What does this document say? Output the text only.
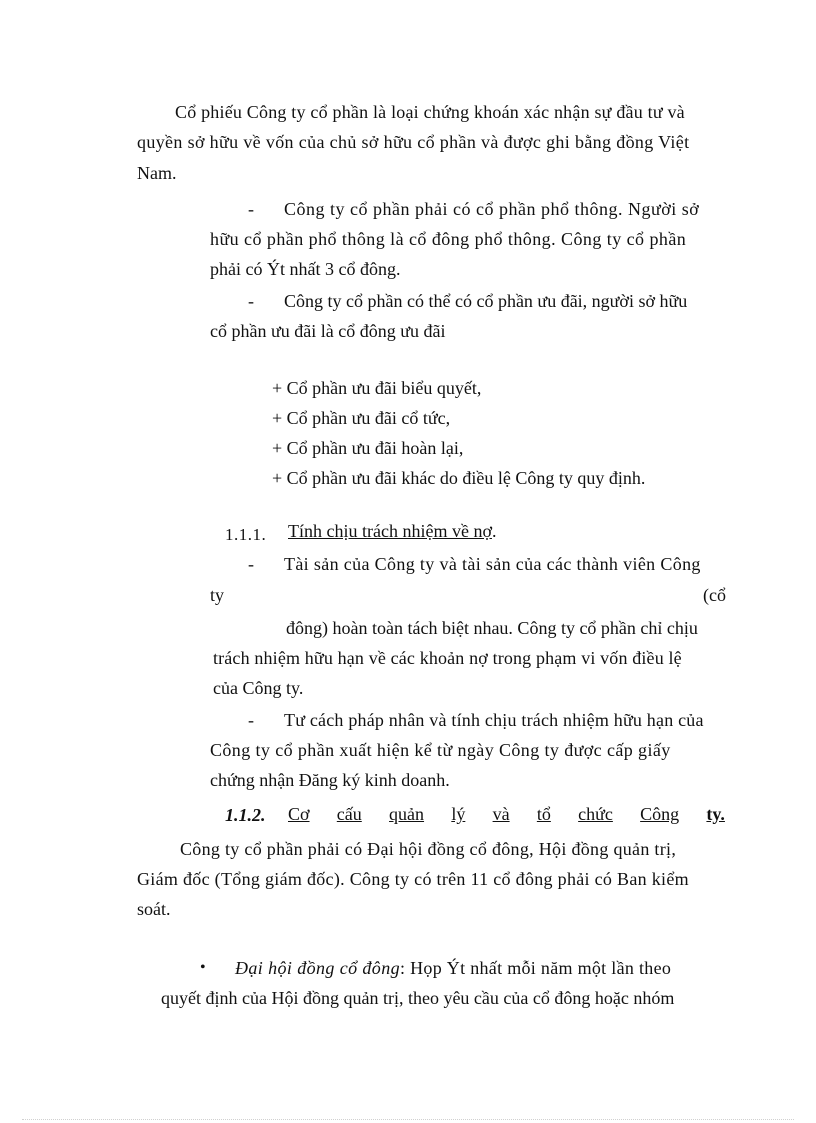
Cổ phiếu Công ty cổ phần là loại chứng khoán xác nhận sự đầu tư và
quyền sở hữu về vốn của chủ sở hữu cổ phần và được ghi bằng đồng Việt
Nam.
- Công ty cổ phần phải có cổ phần phổ thông. Người sở
hữu cổ phần phổ thông là cổ đông phổ thông. Công ty cổ phần
phải có Ýt nhất 3 cổ đông.
- Công ty cổ phần có thể có cổ phần ưu đãi, người sở hữu
cổ phần ưu đãi là cổ đông ưu đãi
+ Cổ phần ưu đãi biểu quyết,
+ Cổ phần ưu đãi cổ tức,
+ Cổ phần ưu đãi hoàn lại,
+ Cổ phần ưu đãi khác do điều lệ Công ty quy định.
1.1.1. Tính chịu trách nhiệm về nợ.
- Tài sản của Công ty và tài sản của các thành viên Công
ty	(cổ
đông) hoàn toàn tách biệt nhau. Công ty cổ phần chỉ chịu
trách nhiệm hữu hạn về các khoản nợ trong phạm vi vốn điều lệ
của Công ty.
- Tư cách pháp nhân và tính chịu trách nhiệm hữu hạn của
Công ty cổ phần xuất hiện kể từ ngày Công ty được cấp giấy
chứng nhận Đăng ký kinh doanh.
1.1.2. Cơ cấu quản lý và tổ chức Công ty.
Công ty cổ phần phải có Đại hội đồng cổ đông, Hội đồng quản trị,
Giám đốc (Tổng giám đốc). Công ty có trên 11 cổ đông phải có Ban kiểm
soát.
• Đại hội đồng cổ đông: Họp Ýt nhất mỗi năm một lần theo
quyết định của Hội đồng quản trị, theo yêu cầu của cổ đông hoặc nhóm
